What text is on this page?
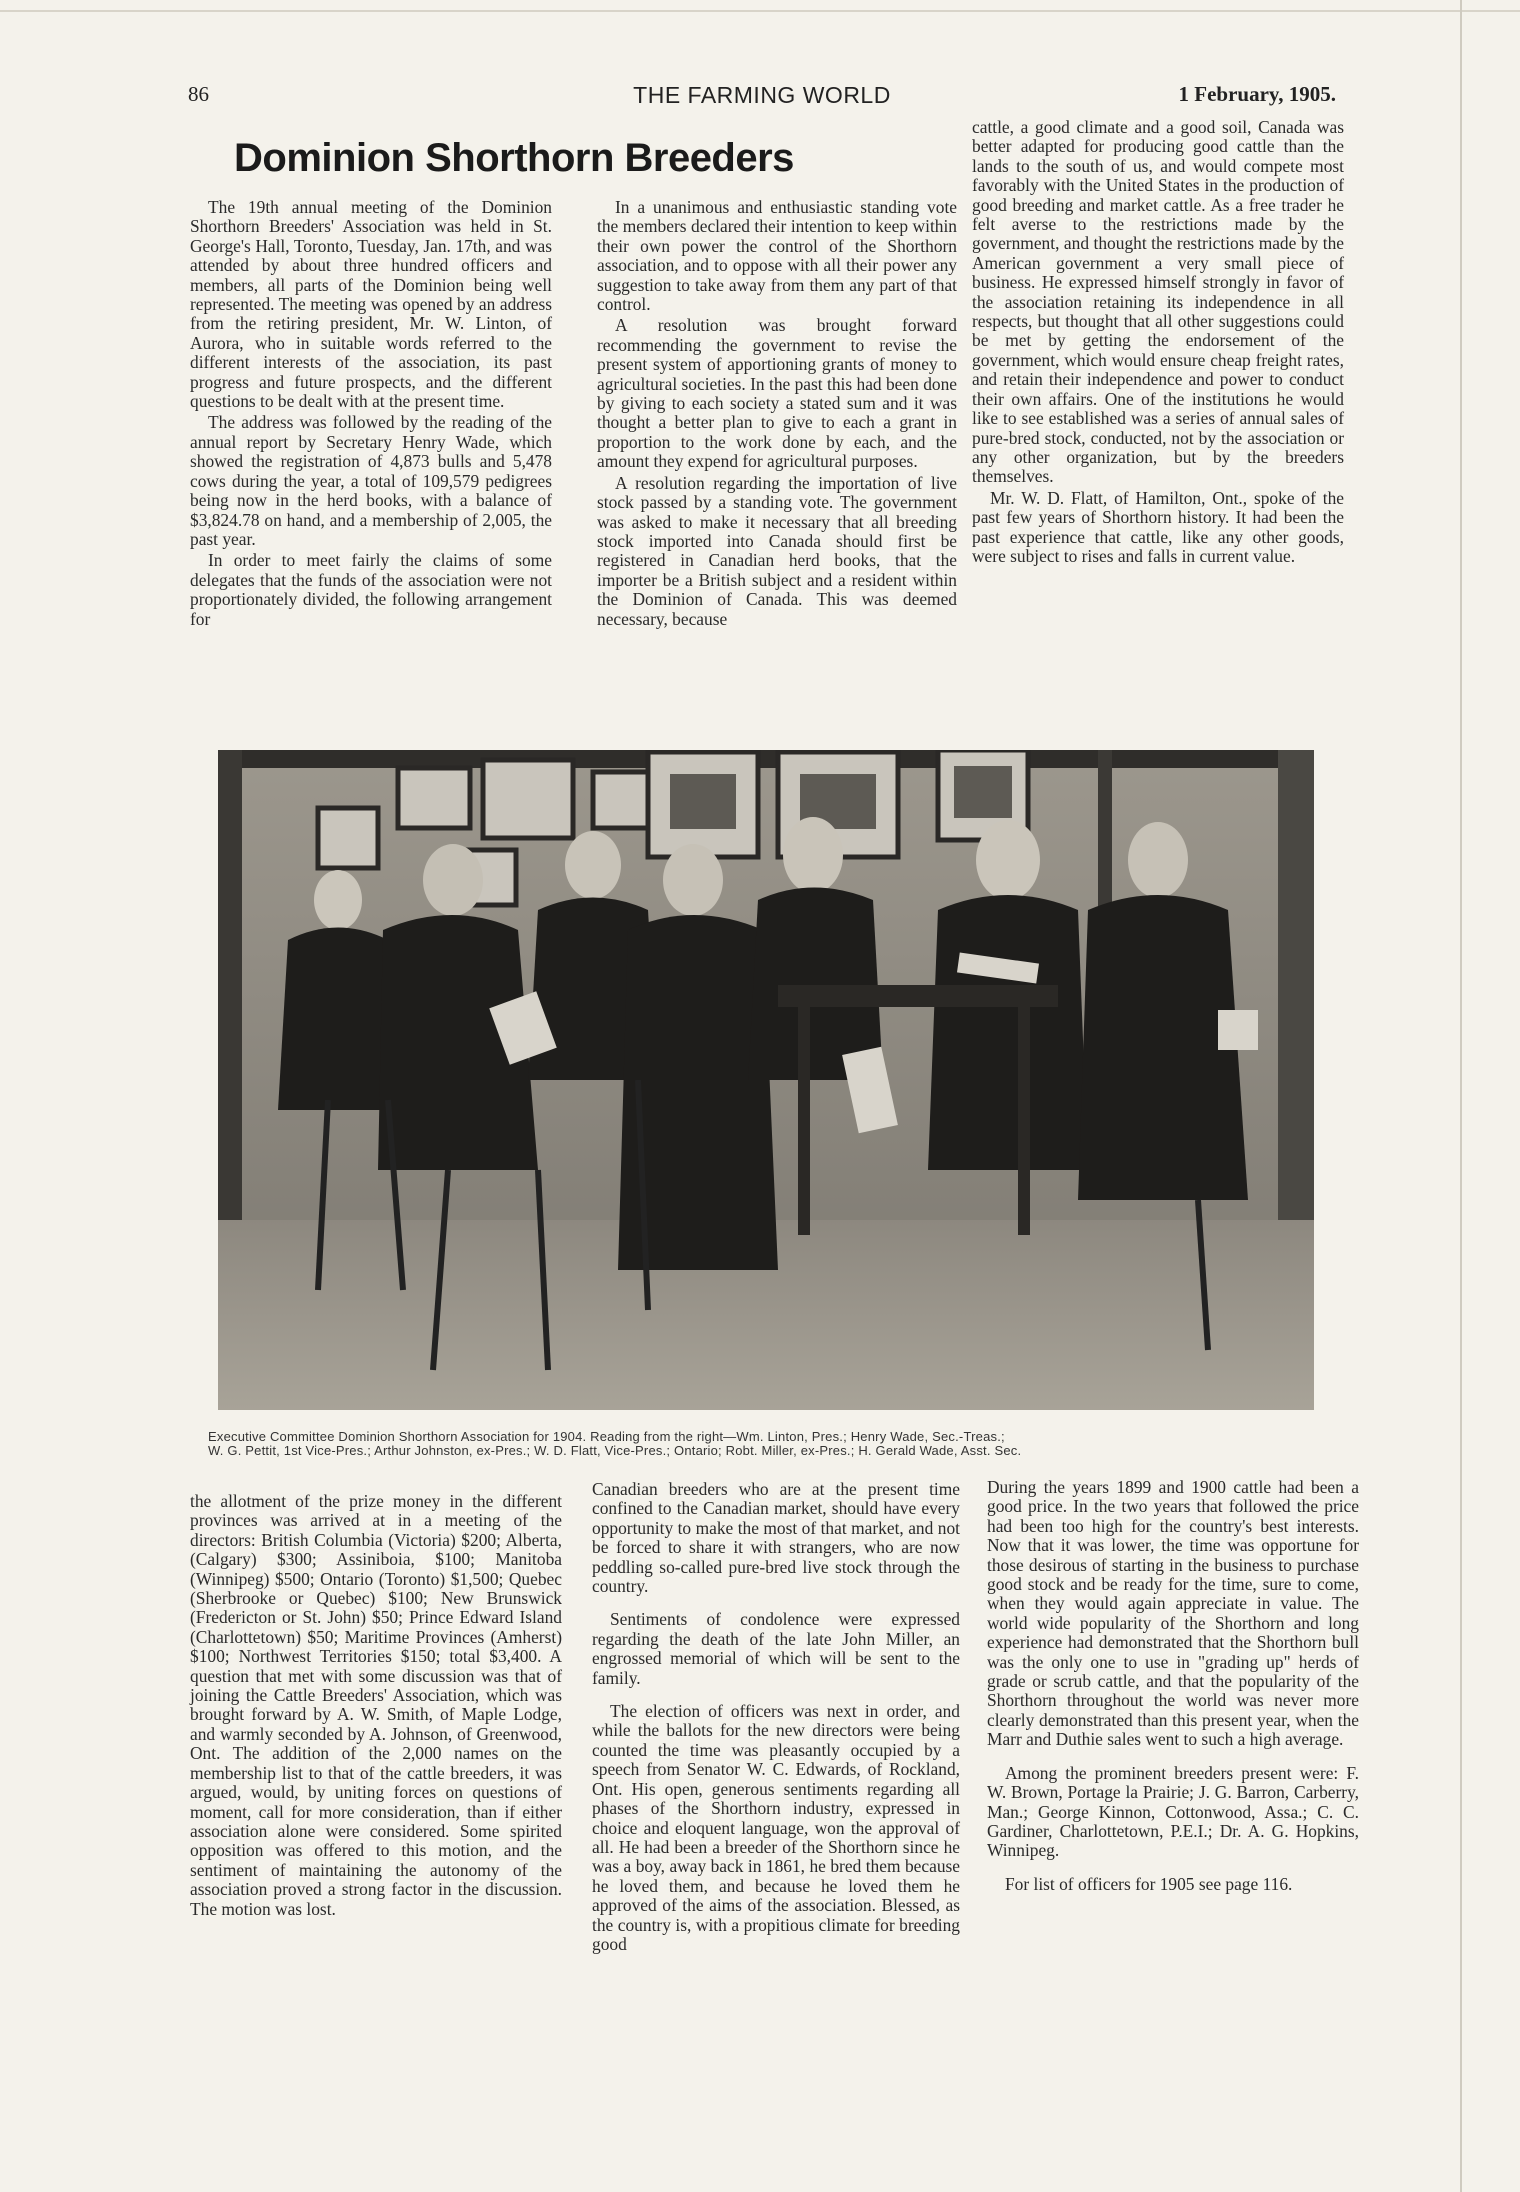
86	THE FARMING WORLD	1 February, 1905.
Dominion Shorthorn Breeders

The 19th annual meeting of the Dominion Shorthorn Breeders' Association was held in St. George's Hall, Toronto, Tuesday, Jan. 17th, and was attended by about three hundred officers and members, all parts of the Dominion being well represented. The meeting was opened by an address from the retiring president, Mr. W. Linton, of Aurora, who in suitable words referred to the different interests of the association, its past progress and future prospects, and the different questions to be dealt with at the present time.

The address was followed by the reading of the annual report by Secretary Henry Wade, which showed the registration of 4,873 bulls and 5,478 cows during the year, a total of 109,579 pedigrees being now in the herd books, with a balance of $3,824.78 on hand, and a membership of 2,005, the past year.

In order to meet fairly the claims of some delegates that the funds of the association were not proportionately divided, the following arrangement for

In a unanimous and enthusiastic standing vote the members declared their intention to keep within their own power the control of the Shorthorn association, and to oppose with all their power any suggestion to take away from them any part of that control.

A resolution was brought forward recommending the government to revise the present system of apportioning grants of money to agricultural societies. In the past this had been done by giving to each society a stated sum and it was thought a better plan to give to each a grant in proportion to the work done by each, and the amount they expend for agricultural purposes.

A resolution regarding the importation of live stock passed by a standing vote. The government was asked to make it necessary that all breeding stock imported into Canada should first be registered in Canadian herd books, that the importer be a British subject and a resident within the Dominion of Canada. This was deemed necessary, because

cattle, a good climate and a good soil, Canada was better adapted for producing good cattle than the lands to the south of us, and would compete most favorably with the United States in the production of good breeding and market cattle. As a free trader he felt averse to the restrictions made by the government, and thought the restrictions made by the American government a very small piece of business. He expressed himself strongly in favor of the association retaining its independence in all respects, but thought that all other suggestions could be met by getting the endorsement of the government, which would ensure cheap freight rates, and retain their independence and power to conduct their own affairs. One of the institutions he would like to see established was a series of annual sales of pure-bred stock, conducted, not by the association or any other organization, but by the breeders themselves.

Mr. W. D. Flatt, of Hamilton, Ont., spoke of the past few years of Shorthorn history. It had been the past experience that cattle, like any other goods, were subject to rises and falls in current value.

Executive Committee Dominion Shorthorn Association for 1904. Reading from the right—Wm. Linton, Pres.; Henry Wade, Sec.-Treas.;
W. G. Pettit, 1st Vice-Pres.; Arthur Johnston, ex-Pres.; W. D. Flatt, Vice-Pres.; Ontario; Robt. Miller, ex-Pres.; H. Gerald Wade, Asst. Sec.

the allotment of the prize money in the different provinces was arrived at in a meeting of the directors: British Columbia (Victoria) $200; Alberta, (Calgary) $300; Assiniboia, $100; Manitoba (Winnipeg) $500; Ontario (Toronto) $1,500; Quebec (Sherbrooke or Quebec) $100; New Brunswick (Fredericton or St. John) $50; Prince Edward Island (Charlottetown) $50; Maritime Provinces (Amherst) $100; Northwest Territories $150; total $3,400. A question that met with some discussion was that of joining the Cattle Breeders' Association, which was brought forward by A. W. Smith, of Maple Lodge, and warmly seconded by A. Johnson, of Greenwood, Ont. The addition of the 2,000 names on the membership list to that of the cattle breeders, it was argued, would, by uniting forces on questions of moment, call for more consideration, than if either association alone were considered. Some spirited opposition was offered to this motion, and the sentiment of maintaining the autonomy of the association proved a strong factor in the discussion. The motion was lost.

Canadian breeders who are at the present time confined to the Canadian market, should have every opportunity to make the most of that market, and not be forced to share it with strangers, who are now peddling so-called pure-bred live stock through the country.

Sentiments of condolence were expressed regarding the death of the late John Miller, an engrossed memorial of which will be sent to the family.

The election of officers was next in order, and while the ballots for the new directors were being counted the time was pleasantly occupied by a speech from Senator W. C. Edwards, of Rockland, Ont. His open, generous sentiments regarding all phases of the Shorthorn industry, expressed in choice and eloquent language, won the approval of all. He had been a breeder of the Shorthorn since he was a boy, away back in 1861, he bred them because he loved them, and because he loved them he approved of the aims of the association. Blessed, as the country is, with a propitious climate for breeding good

During the years 1899 and 1900 cattle had been a good price. In the two years that followed the price had been too high for the country's best interests. Now that it was lower, the time was opportune for those desirous of starting in the business to purchase good stock and be ready for the time, sure to come, when they would again appreciate in value. The world wide popularity of the Shorthorn and long experience had demonstrated that the Shorthorn bull was the only one to use in "grading up" herds of grade or scrub cattle, and that the popularity of the Shorthorn throughout the world was never more clearly demonstrated than this present year, when the Marr and Duthie sales went to such a high average.

Among the prominent breeders present were: F. W. Brown, Portage la Prairie; J. G. Barron, Carberry, Man.; George Kinnon, Cottonwood, Assa.; C. C. Gardiner, Charlottetown, P.E.I.; Dr. A. G. Hopkins, Winnipeg.

For list of officers for 1905 see page 116.
